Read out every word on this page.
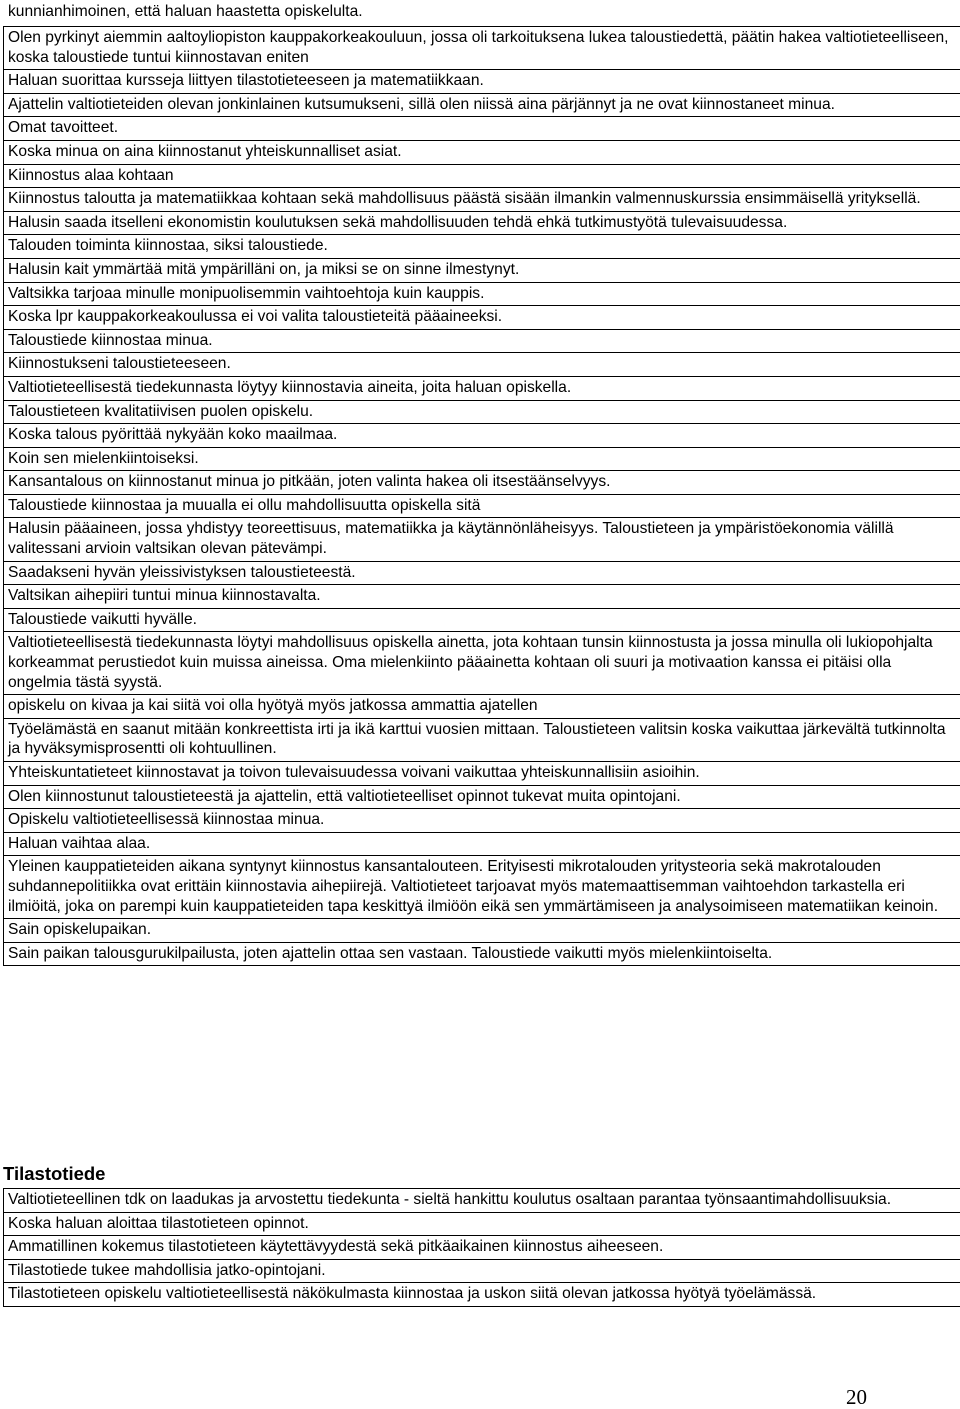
kunnianhimoinen, että haluan haastetta opiskelulta.
Olen pyrkinyt aiemmin aaltoyliopiston kauppakorkeakouluun, jossa oli tarkoituksena lukea taloustiedettä, päätin hakea valtiotieteelliseen, koska taloustiede tuntui kiinnostavan eniten
Haluan suorittaa kursseja liittyen tilastotieteeseen ja matematiikkaan.
Ajattelin valtiotieteiden olevan jonkinlainen kutsumukseni, sillä olen niissä aina pärjännyt ja ne ovat kiinnostaneet minua.
Omat tavoitteet.
Koska minua on aina kiinnostanut yhteiskunnalliset asiat.
Kiinnostus alaa kohtaan
Kiinnostus taloutta ja matematiikkaa kohtaan sekä mahdollisuus päästä sisään ilmankin valmennuskurssia ensimmäisellä yrityksellä.
Halusin saada itselleni ekonomistin koulutuksen sekä mahdollisuuden tehdä ehkä tutkimustyötä tulevaisuudessa.
Talouden toiminta kiinnostaa, siksi taloustiede.
Halusin kait ymmärtää mitä ympärilläni on, ja miksi se on sinne ilmestynyt.
Valtsikka tarjoaa minulle monipuolisemmin vaihtoehtoja kuin kauppis.
Koska lpr kauppakorkeakoulussa ei voi valita taloustieteitä pääaineeksi.
Taloustiede kiinnostaa minua.
Kiinnostukseni taloustieteeseen.
Valtiotieteellisestä tiedekunnasta löytyy kiinnostavia aineita, joita haluan opiskella.
Taloustieteen kvalitatiivisen puolen opiskelu.
Koska talous pyörittää nykyään koko maailmaa.
Koin sen mielenkiintoiseksi.
Kansantalous on kiinnostanut minua jo pitkään, joten valinta hakea oli itsestäänselvyys.
Taloustiede kiinnostaa ja muualla ei ollu mahdollisuutta opiskella sitä
Halusin pääaineen, jossa yhdistyy teoreettisuus, matematiikka ja käytännönläheisyys. Taloustieteen ja ympäristöekonomia välillä valitessani arvioin valtsikan olevan pätevämpi.
Saadakseni hyvän yleissivistyksen taloustieteestä.
Valtsikan aihepiiri tuntui minua kiinnostavalta.
Taloustiede vaikutti hyvälle.
Valtiotieteellisestä tiedekunnasta löytyi mahdollisuus opiskella ainetta, jota kohtaan tunsin kiinnostusta ja jossa minulla oli lukiopohjalta korkeammat perustiedot kuin muissa aineissa. Oma mielenkiinto pääainetta kohtaan oli suuri ja motivaation kanssa ei pitäisi olla ongelmia tästä syystä.
opiskelu on kivaa ja kai siitä voi olla hyötyä myös jatkossa ammattia ajatellen
Työelämästä en saanut mitään konkreettista irti ja ikä karttui vuosien mittaan. Taloustieteen valitsin koska vaikuttaa järkevältä tutkinnolta ja hyväksymisprosentti oli kohtuullinen.
Yhteiskuntatieteet kiinnostavat ja toivon tulevaisuudessa voivani vaikuttaa yhteiskunnallisiin asioihin.
Olen kiinnostunut taloustieteestä ja ajattelin, että valtiotieteelliset opinnot tukevat muita opintojani.
Opiskelu valtiotieteellisessä kiinnostaa minua.
Haluan vaihtaa alaa.
Yleinen kauppatieteiden aikana syntynyt kiinnostus kansantalouteen. Erityisesti mikrotalouden yritysteoria sekä makrotalouden suhdannepolitiikka ovat erittäin kiinnostavia aihepiirejä. Valtiotieteet tarjoavat myös matemaattisemman vaihtoehdon tarkastella eri ilmiöitä, joka on parempi kuin kauppatieteiden tapa keskittyä ilmiöön eikä sen ymmärtämiseen ja analysoimiseen matematiikan keinoin.
Sain opiskelupaikan.
Sain paikan talousgurukilpailusta, joten ajattelin ottaa sen vastaan. Taloustiede vaikutti myös mielenkiintoiselta.
Tilastotiede
Valtiotieteellinen tdk on laadukas ja arvostettu tiedekunta - sieltä hankittu koulutus osaltaan parantaa työnsaantimahdollisuuksia.
Koska haluan aloittaa tilastotieteen opinnot.
Ammatillinen kokemus tilastotieteen käytettävyydestä sekä pitkäaikainen kiinnostus aiheeseen.
Tilastotiede tukee mahdollisia jatko-opintojani.
Tilastotieteen opiskelu valtiotieteellisestä näkökulmasta kiinnostaa ja uskon siitä olevan jatkossa hyötyä työelämässä.
20
